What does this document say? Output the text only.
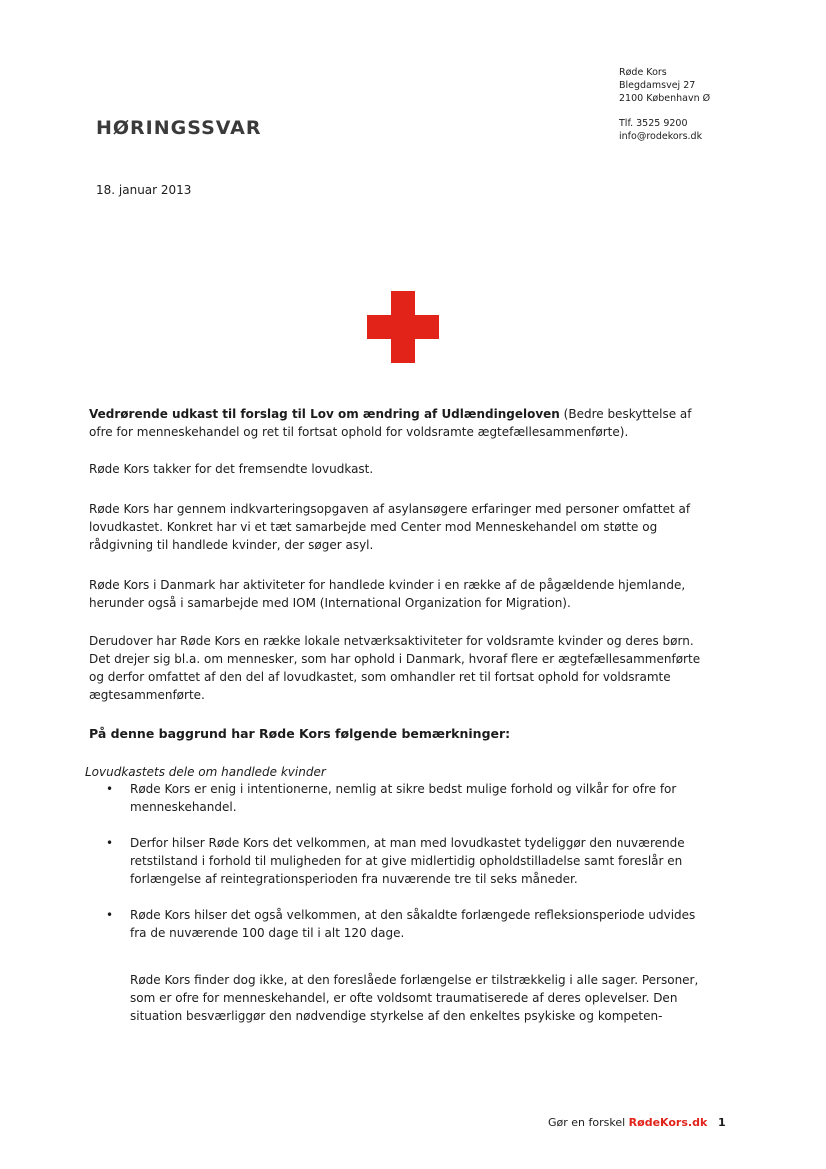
Røde Kors
Blegdamsvej 27
2100 København Ø
HØRINGSSVAR	Tlf. 3525 9200
info@rodekors.dk
18. januar 2013
Vedrørende udkast til forslag til Lov om ændring af Udlændingeloven (Bedre beskyttelse af ofre for menneskehandel og ret til fortsat ophold for voldsramte ægtefællesammenførte).
Røde Kors takker for det fremsendte lovudkast.
Røde Kors har gennem indkvarteringsopgaven af asylansøgere erfaringer med personer omfattet af lovudkastet. Konkret har vi et tæt samarbejde med Center mod Menneskehandel om støtte og rådgivning til handlede kvinder, der søger asyl.
Røde Kors i Danmark har aktiviteter for handlede kvinder i en række af de pågældende hjemlande, herunder også i samarbejde med IOM (International Organization for Migration).
Derudover har Røde Kors en række lokale netværksaktiviteter for voldsramte kvinder og deres børn. Det drejer sig bl.a. om mennesker, som har ophold i Danmark, hvoraf flere er ægtefællesammenførte og derfor omfattet af den del af lovudkastet, som omhandler ret til fortsat ophold for voldsramte ægtesammenførte.
På denne baggrund har Røde Kors følgende bemærkninger:
Lovudkastets dele om handlede kvinder
• Røde Kors er enig i intentionerne, nemlig at sikre bedst mulige forhold og vilkår for ofre for menneskehandel.
• Derfor hilser Røde Kors det velkommen, at man med lovudkastet tydeliggør den nuværende retstilstand i forhold til muligheden for at give midlertidig opholdstilladelse samt foreslår en forlængelse af reintegrationsperioden fra nuværende tre til seks måneder.
• Røde Kors hilser det også velkommen, at den såkaldte forlængede refleksionsperiode udvides fra de nuværende 100 dage til i alt 120 dage.
Røde Kors finder dog ikke, at den foreslåede forlængelse er tilstrækkelig i alle sager. Personer, som er ofre for menneskehandel, er ofte voldsomt traumatiserede af deres oplevelser. Den situation besværliggør den nødvendige styrkelse af den enkeltes psykiske og kompeten-
Gør en forskel RødeKors.dk 1
